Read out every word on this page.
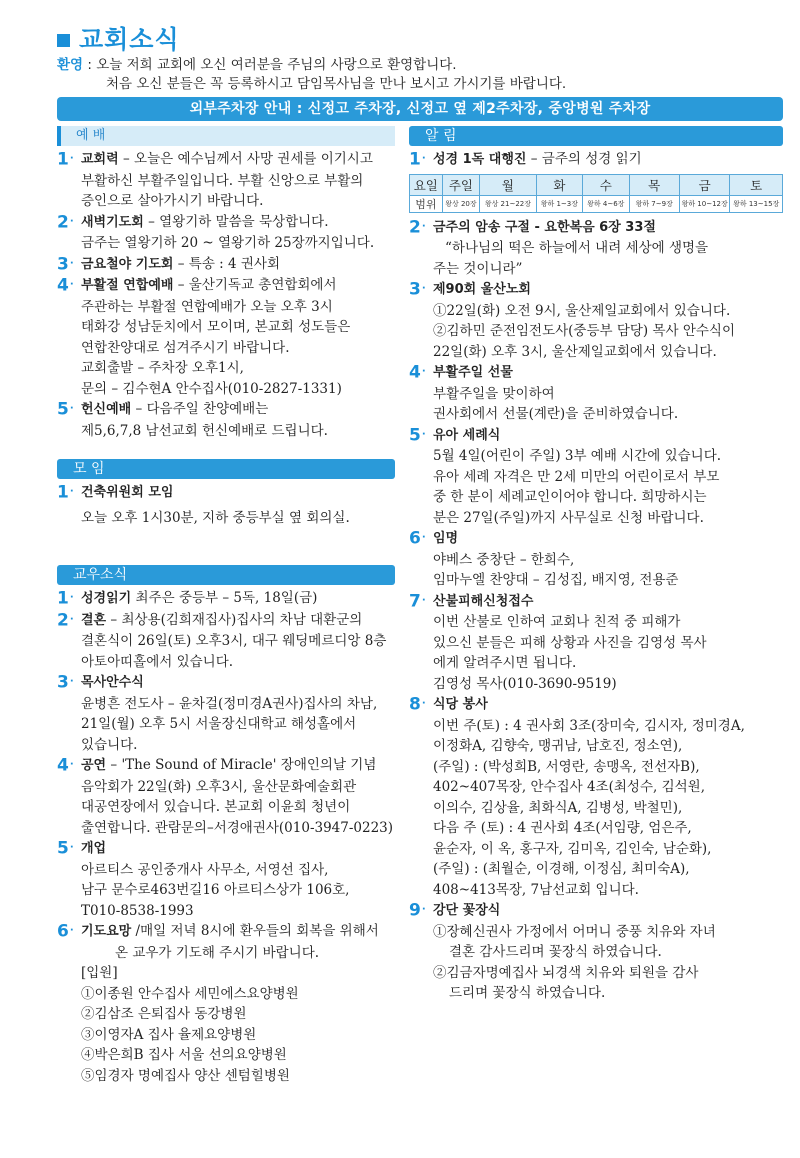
교회소식
환영 : 오늘 저희 교회에 오신 여러분을 주님의 사랑으로 환영합니다.
처음 오신 분들은 꼭 등록하시고 담임목사님을 만나 보시고 가시기를 바랍니다.
외부주차장 안내 : 신정고 주차장, 신정고 옆 제2주차장, 중앙병원 주차장
예 배
1· 교회력 – 오늘은 예수님께서 사망 권세를 이기시고
부활하신 부활주일입니다. 부활 신앙으로 부활의
증인으로 살아가시기 바랍니다.
2· 새벽기도회 – 열왕기하 말씀을 묵상합니다.
금주는 열왕기하 20 ~ 열왕기하 25장까지입니다.
3· 금요철야 기도회 – 특송 : 4 권사회
4· 부활절 연합예배 – 울산기독교 총연합회에서
주관하는 부활절 연합예배가 오늘 오후 3시
태화강 성남둔치에서 모이며, 본교회 성도들은
연합찬양대로 섬겨주시기 바랍니다.
교회출발 – 주차장 오후1시,
문의 – 김수현A 안수집사(010-2827-1331)
5· 헌신예배 – 다음주일 찬양예배는
제5,6,7,8 남선교회 헌신예배로 드립니다.
모 임
1· 건축위원회 모임
오늘 오후 1시30분, 지하 중등부실 옆 회의실.
교우소식
1· 성경읽기 최주은 중등부 – 5독, 18일(금)
2· 결혼 – 최상용(김희재집사)집사의 차남 대환군의
결혼식이 26일(토) 오후3시, 대구 웨딩메르디앙 8층
아토아띠홀에서 있습니다.
3· 목사안수식
윤병흔 전도사 – 윤차걸(정미경A권사)집사의 차남,
21일(월) 오후 5시 서울장신대학교 해성홀에서
있습니다.
4· 공연 – 'The Sound of Miracle' 장애인의날 기념
음악회가 22일(화) 오후3시, 울산문화예술회관
대공연장에서 있습니다. 본교회 이윤희 청년이
출연합니다. 관람문의–서경애권사(010-3947-0223)
5· 개업
아르티스 공인중개사 사무소, 서영선 집사,
남구 문수로463번길16 아르티스상가 106호,
T010-8538-1993
6· 기도요망 /매일 저녁 8시에 환우들의 회복을 위해서
온 교우가 기도해 주시기 바랍니다.
[입원]
①이종원 안수집사 세민에스요양병원
②김삼조 은퇴집사 동강병원
③이영자A 집사 율제요양병원
④박은희B 집사 서울 선의요양병원
⑤임경자 명예집사 양산 센텀힐병원
알 림
1· 성경 1독 대행진 – 금주의 성경 읽기
요일	주일	월	화	수	목	금	토
범위	왕상 20장	왕상 21~22장	왕하 1~3장	왕하 4~6장	왕하 7~9장	왕하 10~12장	왕하 13~15장
2· 금주의 암송 구절 - 요한복음 6장 33절
“하나님의 떡은 하늘에서 내려 세상에 생명을
주는 것이니라”
3· 제90회 울산노회
①22일(화) 오전 9시, 울산제일교회에서 있습니다.
②김하민 준전임전도사(중등부 담당) 목사 안수식이
22일(화) 오후 3시, 울산제일교회에서 있습니다.
4· 부활주일 선물
부활주일을 맞이하여
권사회에서 선물(계란)을 준비하였습니다.
5· 유아 세례식
5월 4일(어린이 주일) 3부 예배 시간에 있습니다.
유아 세례 자격은 만 2세 미만의 어린이로서 부모
중 한 분이 세례교인이어야 합니다. 희망하시는
분은 27일(주일)까지 사무실로 신청 바랍니다.
6· 임명
야베스 중창단 – 한희수,
임마누엘 찬양대 – 김성집, 배지영, 전용준
7· 산불피해신청접수
이번 산불로 인하여 교회나 친적 중 피해가
있으신 분들은 피해 상황과 사진을 김영성 목사
에게 알려주시면 됩니다.
김영성 목사(010-3690-9519)
8· 식당 봉사
이번 주(토) : 4 권사회 3조(장미숙, 김시자, 정미경A,
이정화A, 김향숙, 맹귀남, 남호진, 정소연),
(주일) : (박성희B, 서영란, 송맹옥, 전선자B),
402~407목장, 안수집사 4조(최성수, 김석원,
이의수, 김상율, 최화식A, 김병성, 박철민),
다음 주 (토) : 4 권사회 4조(서임량, 엄은주,
윤순자, 이 옥, 홍구자, 김미옥, 김인숙, 남순화),
(주일) : (최월순, 이경해, 이정심, 최미숙A),
408~413목장, 7남선교회 입니다.
9· 강단 꽃장식
①장혜신권사 가정에서 어머니 중풍 치유와 자녀
결혼 감사드리며 꽃장식 하였습니다.
②김금자명예집사 뇌경색 치유와 퇴원을 감사
드리며 꽃장식 하였습니다.
